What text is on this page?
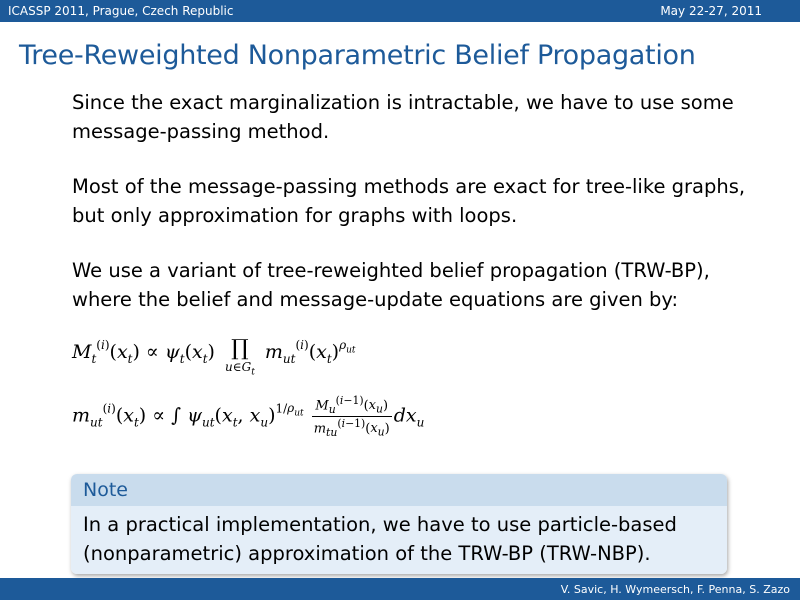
ICASSP 2011, Prague, Czech Republic	May 22-27, 2011
Tree-Reweighted Nonparametric Belief Propagation
Since the exact marginalization is intractable, we have to use some message-passing method.
Most of the message-passing methods are exact for tree-like graphs, but only approximation for graphs with loops.
We use a variant of tree-reweighted belief propagation (TRW-BP), where the belief and message-update equations are given by:
$M_t^{(i)}(x_t) \propto \psi_t(x_t)$ ∏
$u\in G_t$
$m_{ut}^{(i)}(x_t)^{\rho_{ut}}$
$m_{ut}^{(i)}(x_t)$ ∝ ∫ $\psi_{ut}(x_t$, $x_u)^{1/\rho_{ut}} \frac{M_u^{(i-1)}(x_u)}{m_{tu}^{(i-1)}(x_u)} dx_u$
Note
In a practical implementation, we have to use particle-based (nonparametric) approximation of the TRW-BP (TRW-NBP).
V. Savic, H. Wymeersch, F. Penna, S. Zazo
